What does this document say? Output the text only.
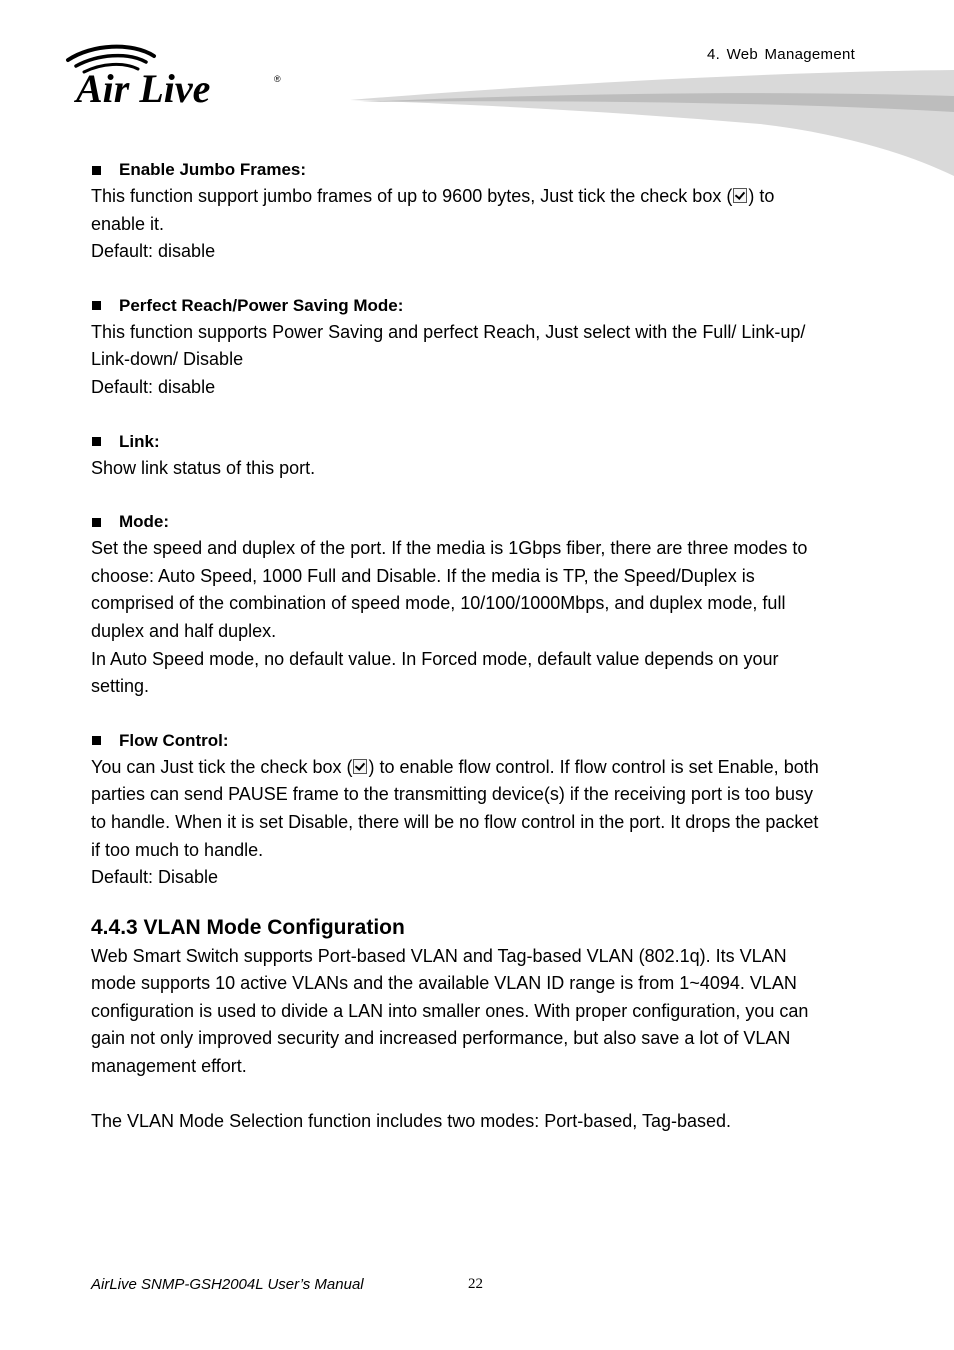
4. Web Management
Air Live	®
Enable Jumbo Frames:
This function support jumbo frames of up to 9600 bytes, Just tick the check box ( ) to
enable it.
Default: disable
Perfect Reach/Power Saving Mode:
This function supports Power Saving and perfect Reach, Just select with the Full/ Link-up/
Link-down/ Disable
Default: disable
Link:
Show link status of this port.
Mode:
Set the speed and duplex of the port. If the media is 1Gbps fiber, there are three modes to
choose: Auto Speed, 1000 Full and Disable. If the media is TP, the Speed/Duplex is
comprised of the combination of speed mode, 10/100/1000Mbps, and duplex mode, full
duplex and half duplex.
In Auto Speed mode, no default value. In Forced mode, default value depends on your
setting.
Flow Control:
You can Just tick the check box ( ) to enable flow control. If flow control is set Enable, both
parties can send PAUSE frame to the transmitting device(s) if the receiving port is too busy
to handle. When it is set Disable, there will be no flow control in the port. It drops the packet
if too much to handle.
Default: Disable
4.4.3 VLAN Mode Configuration
Web Smart Switch supports Port-based VLAN and Tag-based VLAN (802.1q). Its VLAN
mode supports 10 active VLANs and the available VLAN ID range is from 1~4094. VLAN
configuration is used to divide a LAN into smaller ones. With proper configuration, you can
gain not only improved security and increased performance, but also save a lot of VLAN
management effort.
The VLAN Mode Selection function includes two modes: Port-based, Tag-based.
AirLive SNMP-GSH2004L User’s Manual	22
